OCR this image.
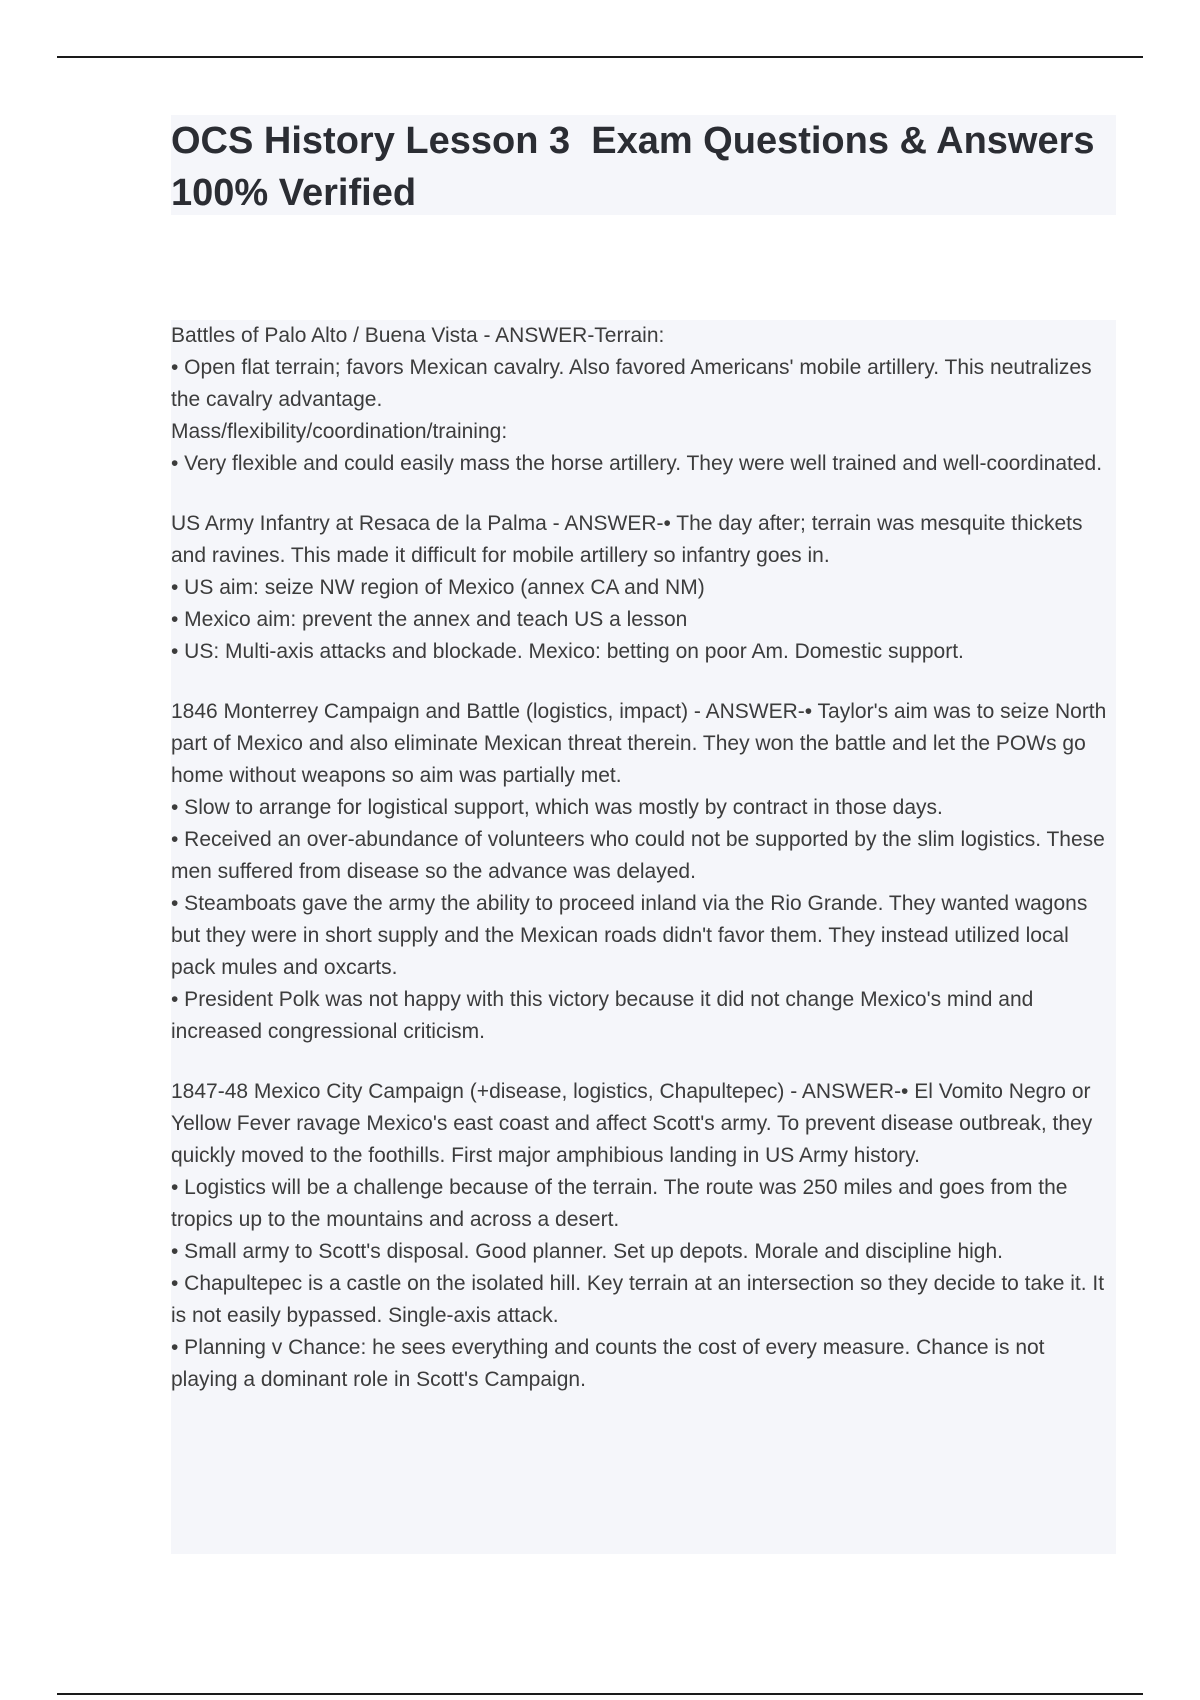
OCS History Lesson 3  Exam Questions & Answers 100% Verified

Battles of Palo Alto / Buena Vista - ANSWER-Terrain:

• Open flat terrain; favors Mexican cavalry. Also favored Americans' mobile artillery. This neutralizes the cavalry advantage.

Mass/flexibility/coordination/training:

• Very flexible and could easily mass the horse artillery. They were well trained and well-coordinated.

US Army Infantry at Resaca de la Palma - ANSWER-• The day after; terrain was mesquite thickets and ravines. This made it difficult for mobile artillery so infantry goes in.

• US aim: seize NW region of Mexico (annex CA and NM)

• Mexico aim: prevent the annex and teach US a lesson

• US: Multi-axis attacks and blockade. Mexico: betting on poor Am. Domestic support.

1846 Monterrey Campaign and Battle (logistics, impact) - ANSWER-• Taylor's aim was to seize North part of Mexico and also eliminate Mexican threat therein. They won the battle and let the POWs go home without weapons so aim was partially met.

• Slow to arrange for logistical support, which was mostly by contract in those days.

• Received an over-abundance of volunteers who could not be supported by the slim logistics. These men suffered from disease so the advance was delayed.

• Steamboats gave the army the ability to proceed inland via the Rio Grande. They wanted wagons but they were in short supply and the Mexican roads didn't favor them. They instead utilized local pack mules and oxcarts.

• President Polk was not happy with this victory because it did not change Mexico's mind and increased congressional criticism.

1847-48 Mexico City Campaign (+disease, logistics, Chapultepec) - ANSWER-• El Vomito Negro or Yellow Fever ravage Mexico's east coast and affect Scott's army. To prevent disease outbreak, they quickly moved to the foothills. First major amphibious landing in US Army history.

• Logistics will be a challenge because of the terrain. The route was 250 miles and goes from the tropics up to the mountains and across a desert.

• Small army to Scott's disposal. Good planner. Set up depots. Morale and discipline high.

• Chapultepec is a castle on the isolated hill. Key terrain at an intersection so they decide to take it. It is not easily bypassed. Single-axis attack.

• Planning v Chance: he sees everything and counts the cost of every measure. Chance is not playing a dominant role in Scott's Campaign.
